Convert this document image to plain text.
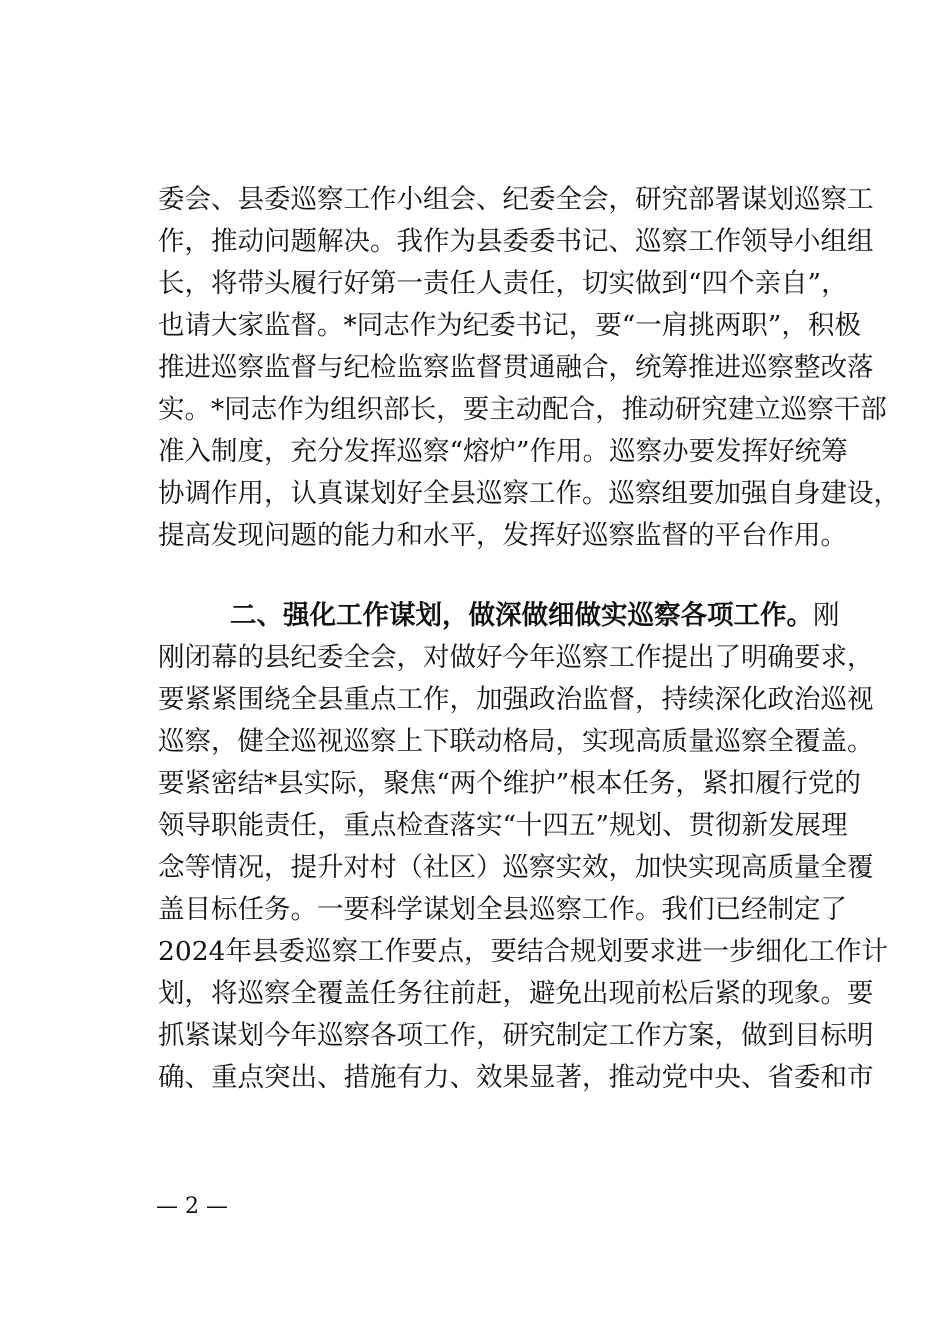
委会、县委巡察工作小组会、纪委全会，研究部署谋划巡察工
作，推动问题解决。我作为县委委书记、巡察工作领导小组组
长，将带头履行好第一责任人责任，切实做到“四个亲自”，
也请大家监督。*同志作为纪委书记，要“一肩挑两职”，积极
推进巡察监督与纪检监察监督贯通融合，统筹推进巡察整改落
实。*同志作为组织部长，要主动配合，推动研究建立巡察干部
准入制度，充分发挥巡察“熔炉”作用。巡察办要发挥好统筹
协调作用，认真谋划好全县巡察工作。巡察组要加强自身建设，
提高发现问题的能力和水平，发挥好巡察监督的平台作用。
二、强化工作谋划，做深做细做实巡察各项工作。刚
刚闭幕的县纪委全会，对做好今年巡察工作提出了明确要求，
要紧紧围绕全县重点工作，加强政治监督，持续深化政治巡视
巡察，健全巡视巡察上下联动格局，实现高质量巡察全覆盖。
要紧密结*县实际，聚焦“两个维护”根本任务，紧扣履行党的
领导职能责任，重点检查落实“十四五”规划、贯彻新发展理
念等情况，提升对村（社区）巡察实效，加快实现高质量全覆
盖目标任务。一要科学谋划全县巡察工作。我们已经制定了
2024年县委巡察工作要点，要结合规划要求进一步细化工作计
划，将巡察全覆盖任务往前赶，避免出现前松后紧的现象。要
抓紧谋划今年巡察各项工作，研究制定工作方案，做到目标明
确、重点突出、措施有力、效果显著，推动党中央、省委和市
— 2 —
